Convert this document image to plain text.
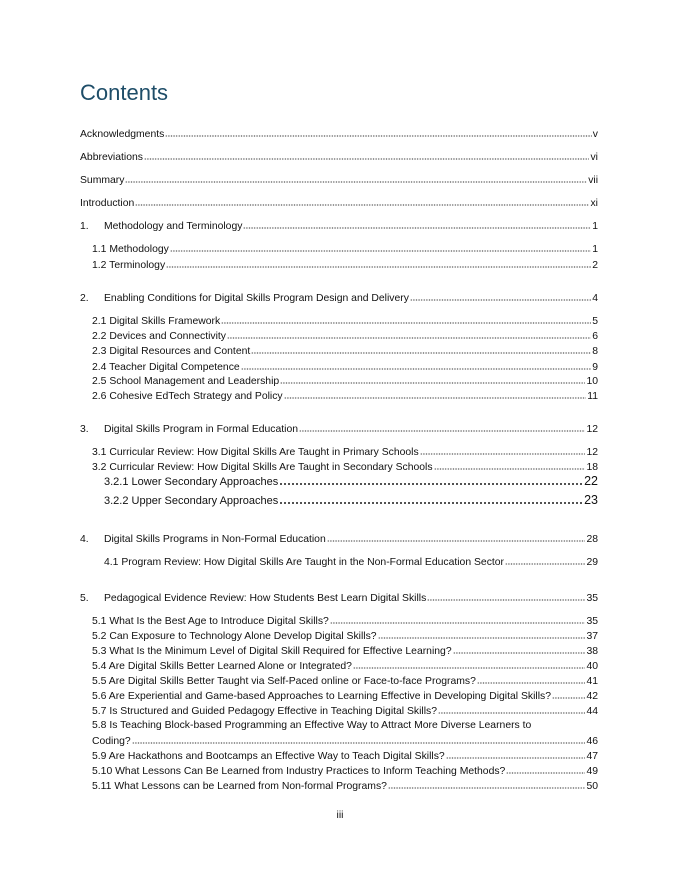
Contents
Acknowledgments	v
Abbreviations	vi
Summary	vii
Introduction	xi
1.	Methodology and Terminology	1
1.1 Methodology	1
1.2 Terminology	2
2.	Enabling Conditions for Digital Skills Program Design and Delivery	4
2.1 Digital Skills Framework	5
2.2 Devices and Connectivity	6
2.3 Digital Resources and Content	8
2.4 Teacher Digital Competence	9
2.5 School Management and Leadership	10
2.6 Cohesive EdTech Strategy and Policy	11
3.	Digital Skills Program in Formal Education	12
3.1 Curricular Review: How Digital Skills Are Taught in Primary Schools	12
3.2 Curricular Review: How Digital Skills Are Taught in Secondary Schools	18
3.2.1 Lower Secondary Approaches	22
3.2.2 Upper Secondary Approaches	23
4.	Digital Skills Programs in Non-Formal Education	28
4.1 Program Review: How Digital Skills Are Taught in the Non-Formal Education Sector	29
5.	Pedagogical Evidence Review: How Students Best Learn Digital Skills	35
5.1 What Is the Best Age to Introduce Digital Skills?	35
5.2 Can Exposure to Technology Alone Develop Digital Skills?	37
5.3 What Is the Minimum Level of Digital Skill Required for Effective Learning?	38
5.4 Are Digital Skills Better Learned Alone or Integrated?	40
5.5 Are Digital Skills Better Taught via Self-Paced online or Face-to-face Programs?	41
5.6 Are Experiential and Game-based Approaches to Learning Effective in Developing Digital Skills?	42
5.7 Is Structured and Guided Pedagogy Effective in Teaching Digital Skills?	44
5.8 Is Teaching Block-based Programming an Effective Way to Attract More Diverse Learners to
Coding?	46
5.9 Are Hackathons and Bootcamps an Effective Way to Teach Digital Skills?	47
5.10 What Lessons Can Be Learned from Industry Practices to Inform Teaching Methods?	49
5.11 What Lessons can be Learned from Non-formal Programs?	50
iii
